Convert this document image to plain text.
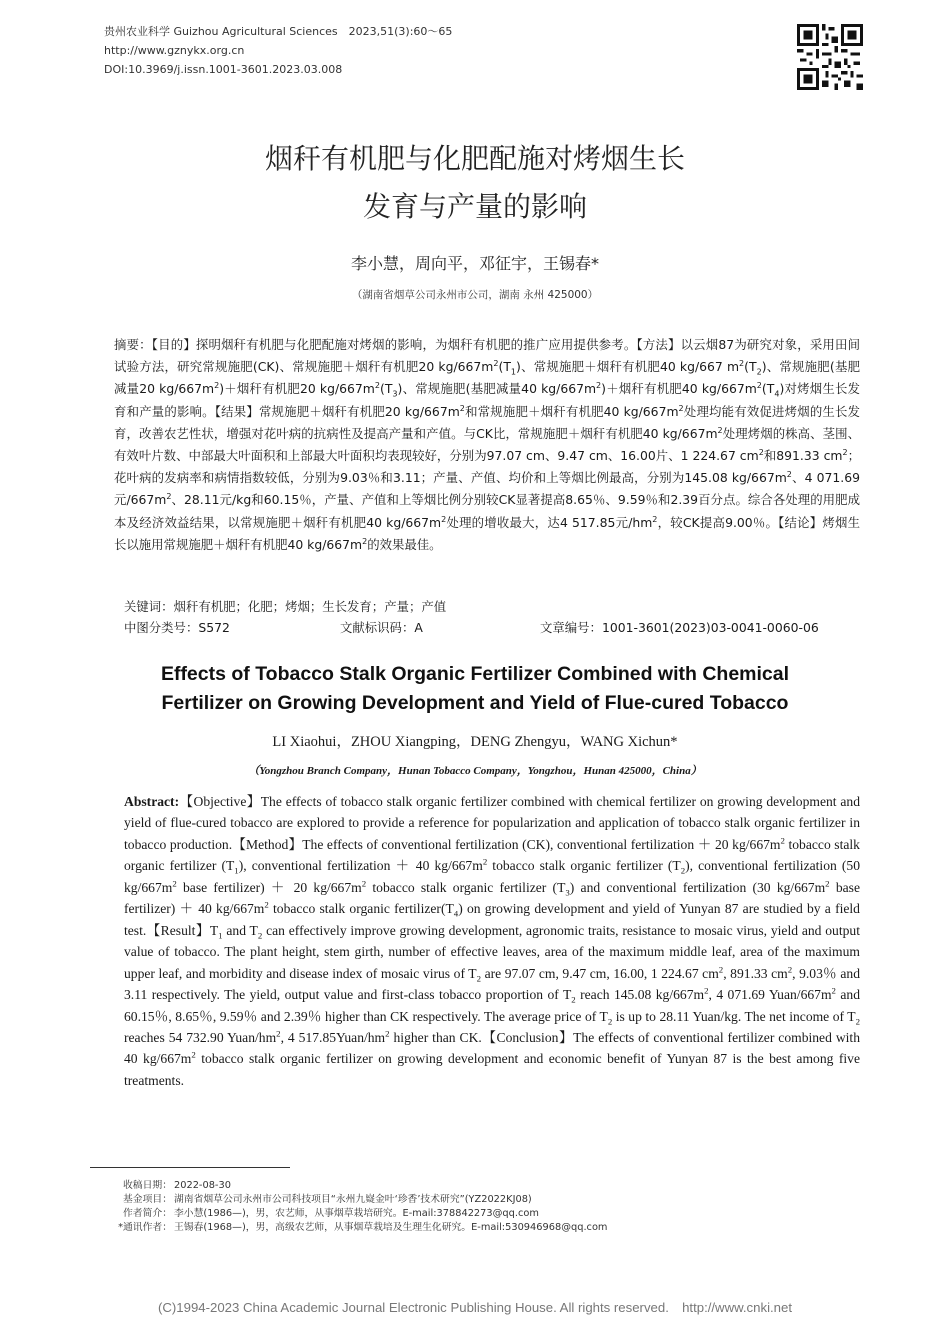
贵州农业科学 Guizhou Agricultural Sciences　2023,51(3):60～65
http://www.gznykx.org.cn
DOI:10.3969/j.issn.1001-3601.2023.03.008
烟秆有机肥与化肥配施对烤烟生长
发育与产量的影响
李小慧，周向平，邓征宇，王锡春*
（湖南省烟草公司永州市公司，湖南 永州 425000）
摘要：【目的】探明烟秆有机肥与化肥配施对烤烟的影响，为烟秆有机肥的推广应用提供参考。【方法】以云烟87为研究对象，采用田间试验方法，研究常规施肥(CK)、常规施肥＋烟秆有机肥20 $kg/667m^2(T_1)$、常规施肥＋烟秆有机肥40 kg/667 $m^2(T_2)$、常规施肥(基肥减量20 $kg/667m^2)+$烟秆有机肥20 $kg/667m^2(T_3)$、常规施肥(基肥减量40 $kg/667m^2)+$烟秆有机肥40 $kg/667m^2(T_4)$对烤烟生长发育和产量的影响。【结果】常规施肥＋烟秆有机肥20 $kg/667m^2$和常规施肥＋烟秆有机肥40 $kg/667m^2$处理均能有效促进烤烟的生长发育，改善农艺性状，增强对花叶病的抗病性及提高产量和产值。与CK比，常规施肥＋烟秆有机肥40 $kg/667m^2$处理烤烟的株高、茎围、有效叶片数、中部最大叶面积和上部最大叶面积均表现较好，分别为97.07 cm、9.47 cm、16.00片、1 224.67 $cm^2$和891.33 $cm^2$；花叶病的发病率和病情指数较低，分别为9.03％和3.11；产量、产值、均价和上等烟比例最高，分别为145.08 $kg/667m^2$、4 071.69元$/667m^2$、28.11元/kg和60.15％，产量、产值和上等烟比例分别较CK显著提高8.65％、9.59％和2.39百分点。综合各处理的用肥成本及经济效益结果，以常规施肥＋烟秆有机肥40 $kg/667m^2$处理的增收最大，达4 517.85元$/hm^2$，较CK提高9.00％。【结论】烤烟生长以施用常规施肥＋烟秆有机肥40 $kg/667m^2$的效果最佳。
关键词：烟秆有机肥；化肥；烤烟；生长发育；产量；产值
中图分类号：S572	文献标识码：A	文章编号：1001-3601(2023)03-0041-0060-06
Effects of Tobacco Stalk Organic Fertilizer Combined with Chemical
Fertilizer on Growing Development and Yield of Flue-cured Tobacco
LI Xiaohui，ZHOU Xiangping，DENG Zhengyu，WANG Xichun*
（Yongzhou Branch Company，Hunan Tobacco Company，Yongzhou，Hunan 425000，China）
Abstract:【Objective】The effects of tobacco stalk organic fertilizer combined with chemical fertilizer on growing development and yield of flue-cured tobacco are explored to provide a reference for popularization and application of tobacco stalk organic fertilizer in tobacco production.【Method】The effects of conventional fertilization (CK), conventional fertilization ＋ 20 $kg/667m^2$ tobacco stalk organic fertilizer $(T_1)$, conventional fertilization ＋ 40 $kg/667m^2$ tobacco stalk organic fertilizer $(T_2)$, conventional fertilization (50 $kg/667m^2$ base fertilizer) ＋ 20 $kg/667m^2$ tobacco stalk organic fertilizer $(T_3)$ and conventional fertilization (30 $kg/667m^2$ base fertilizer) ＋ 40 $kg/667m^2$ tobacco stalk organic $fertilizer(T_4)$ on growing development and yield of Yunyan 87 are studied by a field test.【Result】$T_1$ and $T_2$ can effectively improve growing development, agronomic traits, resistance to mosaic virus, yield and output value of tobacco. The plant height, stem girth, number of effective leaves, area of the maximum middle leaf, area of the maximum upper leaf, and morbidity and disease index of mosaic virus of $T_2$ are 97.07 cm, 9.47 cm, 16.00, 1 224.67 $cm^2$, 891.33 $cm^2$, 9.03％ and 3.11 respectively. The yield, output value and first-class tobacco proportion of $T_2$ reach 145.08 $kg/667m^2$, 4 071.69 Yuan/$667m^2$ and 60.15％, 8.65％, 9.59％ and 2.39％ higher than CK respectively. The average price of $T_2$ is up to 28.11 Yuan/kg. The net income of $T_2$ reaches 54 732.90 Yuan/$hm^2$, 4 $517.85Yuan/hm^2$ higher than CK.【Conclusion】The effects of conventional fertilizer combined with 40 $kg/667m^2$ tobacco stalk organic fertilizer on growing development and economic benefit of Yunyan 87 is the best among five treatments.
收稿日期： 2022-08-30
基金项目： 湖南省烟草公司永州市公司科技项目“永州九嶷金叶‘珍香’技术研究”(YZ2022KJ08)
作者简介： 李小慧(1986—)，男，农艺师，从事烟草栽培研究。E-mail:378842273@qq.com
*通讯作者： 王锡春(1968—)，男，高级农艺师，从事烟草栽培及生理生化研究。E-mail:530946968@qq.com
(C)1994-2023 China Academic Journal Electronic Publishing House. All rights reserved.　http://www.cnki.net
